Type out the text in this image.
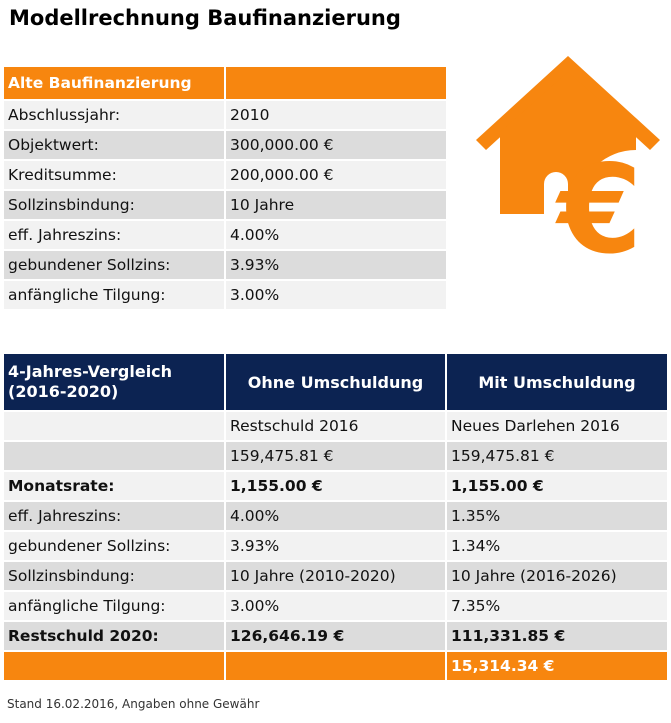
Modellrechnung Baufinanzierung
Alte Baufinanzierung	
Abschlussjahr:	2010
Objektwert:	300,000.00 €
Kreditsumme:	200,000.00 €
Sollzinsbindung:	10 Jahre
eff. Jahreszins:	4.00%
gebundener Sollzins:	3.93%
anfängliche Tilgung:	3.00%
€
4-Jahres-Vergleich
(2016-2020)	Ohne Umschuldung	Mit Umschuldung
	Restschuld 2016	Neues Darlehen 2016
	159,475.81 €	159,475.81 €
Monatsrate:	1,155.00 €	1,155.00 €
eff. Jahreszins:	4.00%	1.35%
gebundener Sollzins:	3.93%	1.34%
Sollzinsbindung:	10 Jahre (2010-2020)	10 Jahre (2016-2026)
anfängliche Tilgung:	3.00%	7.35%
Restschuld 2020:	126,646.19 €	111,331.85 €
		15,314.34 €

Stand 16.02.2016, Angaben ohne Gewähr
